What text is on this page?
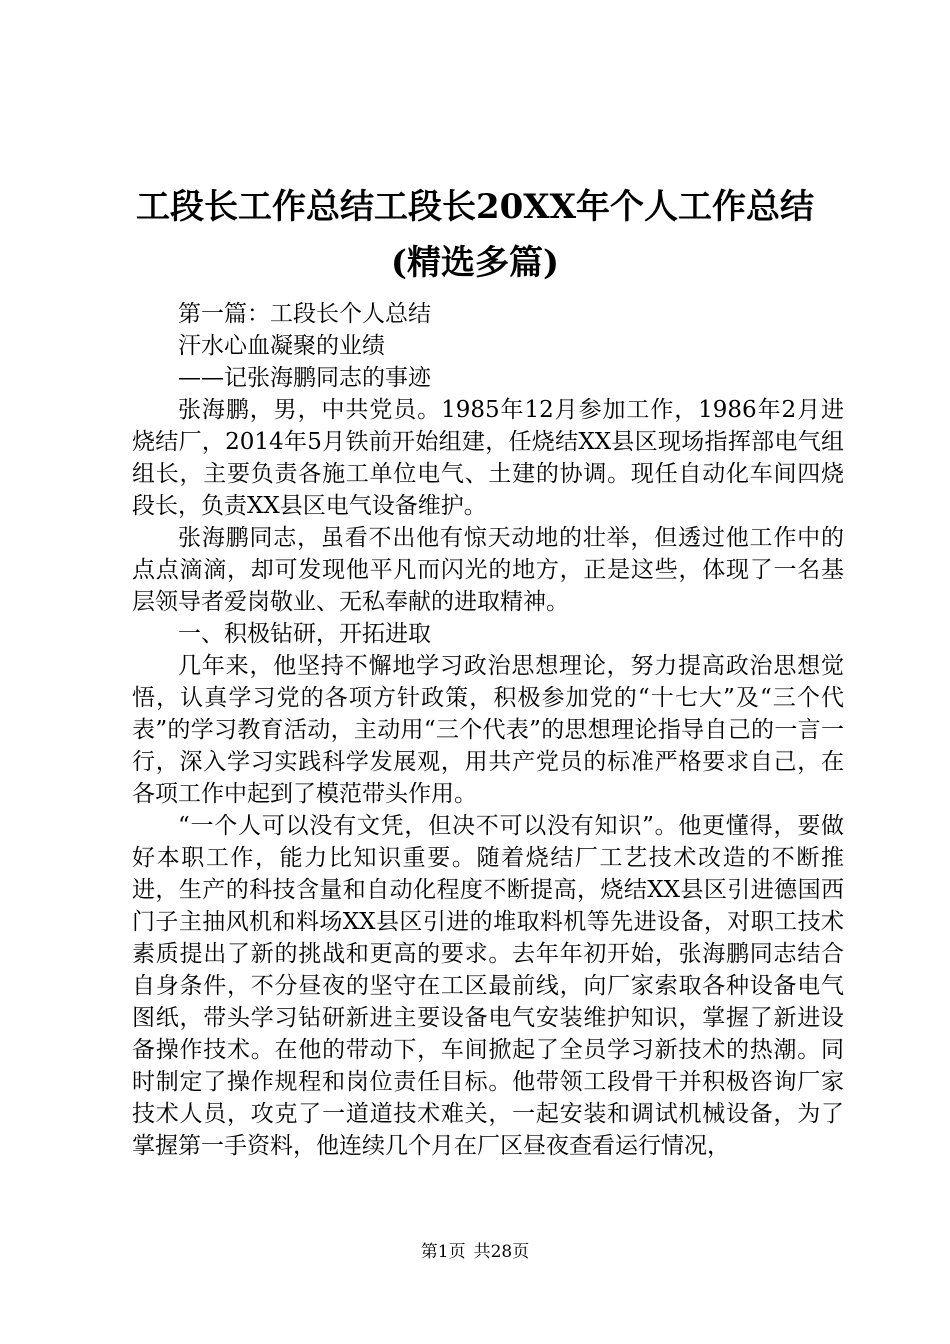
工段长工作总结工段长20XX年个人工作总结
(精选多篇)

第一篇：工段长个人总结

汗水心血凝聚的业绩

——记张海鹏同志的事迹

张海鹏，男，中共党员。1985年12月参加工作，1986年2月进烧结厂，2014年5月铁前开始组建，任烧结XX县区现场指挥部电气组组长，主要负责各施工单位电气、土建的协调。现任自动化车间四烧段长，负责XX县区电气设备维护。

张海鹏同志，虽看不出他有惊天动地的壮举，但透过他工作中的点点滴滴，却可发现他平凡而闪光的地方，正是这些，体现了一名基层领导者爱岗敬业、无私奉献的进取精神。

一、积极钻研，开拓进取

几年来，他坚持不懈地学习政治思想理论，努力提高政治思想觉悟，认真学习党的各项方针政策，积极参加党的“十七大”及“三个代表”的学习教育活动，主动用“三个代表”的思想理论指导自己的一言一行，深入学习实践科学发展观，用共产党员的标准严格要求自己，在各项工作中起到了模范带头作用。

“一个人可以没有文凭，但决不可以没有知识”。他更懂得，要做好本职工作，能力比知识重要。随着烧结厂工艺技术改造的不断推进，生产的科技含量和自动化程度不断提高，烧结XX县区引进德国西门子主抽风机和料场XX县区引进的堆取料机等先进设备，对职工技术素质提出了新的挑战和更高的要求。去年年初开始，张海鹏同志结合自身条件，不分昼夜的坚守在工区最前线，向厂家索取各种设备电气图纸，带头学习钻研新进主要设备电气安装维护知识，掌握了新进设备操作技术。在他的带动下，车间掀起了全员学习新技术的热潮。同时制定了操作规程和岗位责任目标。他带领工段骨干并积极咨询厂家技术人员，攻克了一道道技术难关，一起安装和调试机械设备，为了掌握第一手资料，他连续几个月在厂区昼夜查看运行情况，

第1页 共28页
